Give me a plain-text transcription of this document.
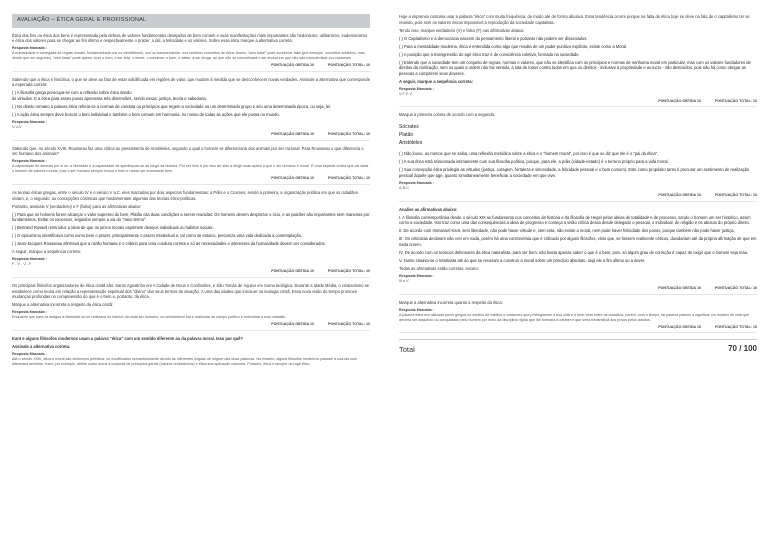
AVALIAÇÃO – ÉTICA GERAL E PROFISSIONAL

Ética dos fins ou ética dos bens é representada pela defesa de valores fundamentais desejados de bem comum e suas manifestações mais importantes são hedonismo, utilitarismo, eudemonismo e ética dos valores para se chegar ao fim último e respectivamente o prazer, o útil, a felicidade e os valores. Sobre essa ética marque a alternativa correta.

Resposta Marcada :
A humanidade é carregada de regras morais, fundamentada ora no cientificismo, ora no transcendente, nos sentidos concretos de ética. Assim, “sem base” pode acontecer falta (por exemplo, conceber adultério, mas desde que em segredo), “sem base” pode querer viver o bem, o ser feliz, o dever, o conhecer o bom, o saber, a ser droga, ao que não se concretizará o ser imoral em que não são conscientizar por costumes.
PONTUAÇÃO OBTIDA 10	PONTUAÇÃO TOTAL: 10

Sabendo que a ética é histórica, o que se deve ao fato de estar solidificada em regiões de valor, que mudam à medida que se desconhecem novas verdades. Assinale a alternativa que corresponde a esperada correta:

( ) A filosofia grega preocupa-se com a reflexão sobre ética dando
às virtudes. E a ética para esses povos apresenta três dimensões, sendo essas: justiça, teoria e sabedoria.
( ) No direito romano a palavra ética referia-se a normas de conduta ou princípios que regem a sociedade ou um determinado grupo e seu uma determinada época, ou seja, lei.
( ) A ação ética sempre deve buscar o bem individual e também o bem comum em harmonia, no nosso de todas as ações que ele possa no mundo.
Resposta Marcada :
V-V-V
PONTUAÇÃO OBTIDA 10	PONTUAÇÃO TOTAL: 10

Sabendo que, no século XVIII, Rousseau faz uma crítica ao pensamento de Aristóteles, segundo o qual o homem se diferenciaria dos animais por ser racional. Para Rousseau o que diferencia o ser humano dos animais?

Resposta Marcada :
A capacidade de decisão por si só: a liberdade e a capacidade de aperfeiçoar-se ao longo da história. Por ser livre é por isso ter sido a dirigir suas ações a que o ser humano é moral. É uma espécie crítica que vai dotar o homem de valores morais, pois o ser humano sempre busca o bem e nesse ser incessante bem.
PONTUAÇÃO OBTIDA 10	PONTUAÇÃO TOTAL: 10

As teorias éticas gregas, entre o século IV e o século V a.C. eles marcadas por dois aspectos fundamentais: a Pólis e o Cosmos, sendo a primeira, a organização política em que os cidadãos viviam, e, o segundo, as concepções cósmicas que fundamentam algumas das teorias ético-políticas.

Portanto, assinale V (verdadeiro) e F (falso) para as afirmativas abaixo:

( ) Para que os homens forem alcançar o valor supremo do bem, Platão cita duas condições a serem reunidas: Os homens devem desprezar o ócio, e as paixões são importantes sem maneiras por fundamentos. Evitar os excessos, seguidos sempre a via do “meio termo”.
( ) Bertrand Russell reintroduz a ideia de que os juízos morais exprimem desejos individuais ou hábitos sociais.
( ) O epicurismo identificava como sumo bem o prazer, principalmente o prazer intelectual e, tal como se estoico, preconiza uma vida dedicada à contemplação.
( ) Jean-Jacques Rousseau afirmava que a razão humana é o critério para uma conduta correta e só as necessidades e interesses da humanidade devem ser considerados.

A seguir, marque a sequência correta:

Resposta Marcada :
F - V - V - F
PONTUAÇÃO OBTIDA 10	PONTUAÇÃO TOTAL: 10

Os principais filósofos organizadores de ética cristã são: Santo Agostinho em A Cidade de Deus e Confissões, e São Tomás de Aquino em Suma teológica. Durante a Idade Média, o cristianismo se estabelece como teoria em relação a representação espiritual dos “divino” dos seus termos de atuação. A uma das idades que inicia-se na teologia cristã. Essa nova visão do tempo promove mudanças profundas no compreensão do que é o bem e, portanto, da ética.

Marque a alternativa incorreta a respeito da ética cristã:

Resposta Marcada :
Enquanto que para os antigos a liberdade só se realizava no interior da cada ser humano, no cristianismo ela é realizada na campo político e estendida a todo cidadão.
PONTUAÇÃO OBTIDA 10	PONTUAÇÃO TOTAL: 10

Kant e alguns filósofos modernos usam a palavra “ética” com um sentido diferente ao da palavra moral. Isso por quê?

Assinale a alternativa correta:

Resposta Marcada :
Até o século XVIII, ética e moral são sinônimos perfeitos; só modificados semanticamente devido às diferentes línguas de origem das duas palavras. No entanto, alguns filósofos modernos passam a usá-las com diferentes sentidos. Kant, por exemplo, define como moral a conjunta de princípios gerais (valores civilizatórios) e ética sua aplicação concreta. Portanto, ética é sempre um agir ético.

Hoje a imprensa costuma usar a palavra “ética” com muita frequência, de modo até de forma abusiva. Essa tendência ocorre porque na falta de ética hoje se deve na fala de o capitalismo ter se reunido, pois sem os valores éticos impossível a reprodução da sociedade capitalista.

Tendo isso, marque verdadeiro (V) e falso (F) nas afirmativas abaixo:

( ) O Capitalismo e a democracia nascem do pensamento liberal e portanto não podem ser dissociados.
( ) Para a mentalidade moderna, ética é entendida como algo que resulta de um poder punitivo explícito, existe como a Moral.
( ) A posição que a transgressão do agir ético traz é de consciência coletiva, formada na sociedade.
( ) Entende que a sociedade tem um conjunto de regras, normas e valores, que não se identifica com os princípios e normas de nenhuma moral em particular, mas com os valores fundadores de direitos da civilização, sem os quais a ordem não faz sentido, a luta de todos contra todos em que os direitos - inclusive à propriedade e ao lucro - são destruídos, pois não há como obrigar as pessoas a cumprirem seus deveres.

A seguir, marque a sequência correta:

Resposta Marcada :
V-F-F-V
PONTUAÇÃO OBTIDA 10	PONTUAÇÃO TOTAL: 10

Marque a primeira coluna de acordo com a segunda:

Sócrates
Platão
Aristóteles
( ) Não louvo, ao menos que se saiba, uma reflexão metódica sobre a ética e o “homem moral”, por isso é que se diz que ele é o “pai da ética”.
( ) A sua ética está relacionada intimamente com sua filosofia política, porque, para ele, a pólis (cidade-estado) é o terreno próprio para a vida moral.
( ) Sua concepção ética privilegia as virtudes (justiça, coragem, fortaleza e sinceridade, a felicidade pessoal e o bem comum). Este como propósito tanto é procurar um sentimento de realização pessoal àquele que age, quanto simultaneamente beneficiar a sociedade em que vive.
Resposta Marcada :
A-B-C
PONTUAÇÃO OBTIDA 10	PONTUAÇÃO TOTAL: 10

Analise as afirmativas abaixo:

I. A filosofia contemporânea desde o século XIX se fundamenta nos conceitos da história e da filosofia de Hegel pelas ideias de totalidade e de processo, sendo o homem um ser histórico, assim como a sociedade. Isto traz como uma das consequências a ideia de progresso e começa a visão crítica dessa desde delegado o pessoal, o individual, de religião e os abusos do próprio direito.
II. De acordo com Immanuel Kant, sem liberdade, não pode haver virtude e, sem esta, não existe a moral, nem pode haver felicidade dos povos, porque também não pode haver justiça.
III. Os céticistas declaram não crer em nada, porém há uma controvérsia que é criticado por alguns filósofos, visto que, se fossem realmente céticos, duvidariam até da própria afirmação de que em nada creem.
IV. De acordo com os teóricos defensores da ética naturalista, para ser bom, não basta apenas saber o que é o bem, pois, só algum grau de correção é capaz de exigir que o homem seja mau.
V. Hume situava-se o relativista até ao que se recusam a construir a moral sobre um princípio absoluto, seja ele a fim último ou a dever.

Todas as afirmativas estão corretas, exceto:

Resposta Marcada :
III e V
PONTUAÇÃO OBTIDA 10	PONTUAÇÃO TOTAL: 10

Marque a alternativa incorreta quanto a respeito da ética:

Resposta Marcada :
A palavra ética era utilizada pelos gregos no sentido de hábitos e costumes que privilegiavam a boa vida e o bem viver entre os cidadãos, porém, com o tempo, tal palavra passou a significar um modelo de vida que deveria ser adquirido ou conquistado pelo homem por meio da disciplina rígida que lhe formaria a caráter e que seria transmitida aos povos pelos adultos.
PONTUAÇÃO OBTIDA 10	PONTUAÇÃO TOTAL: 10
Total	70 / 100
